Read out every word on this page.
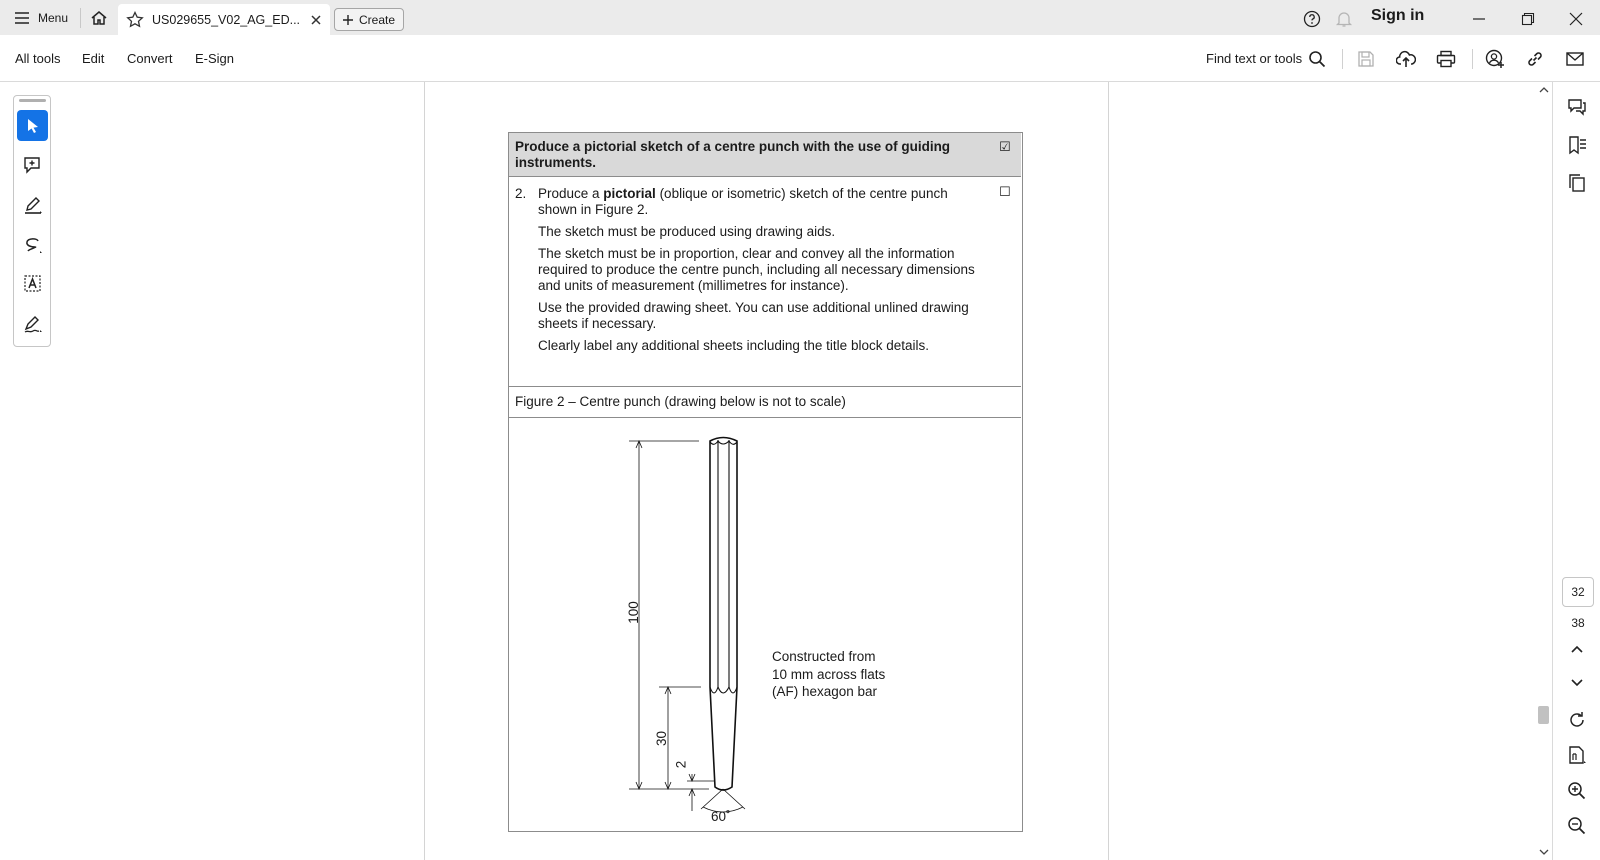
Menu	US029655_V02_AG_ED...	Create	Sign in
All tools Edit Convert E-Sign	Find text or tools
Produce a pictorial sketch of a centre punch with the use of guiding instruments.
☑
2.	☐

Produce a pictorial (oblique or isometric) sketch of the centre punch shown in Figure 2.

The sketch must be produced using drawing aids.

The sketch must be in proportion, clear and convey all the information required to produce the centre punch, including all necessary dimensions and units of measurement (millimetres for instance).

Use the provided drawing sheet. You can use additional unlined drawing sheets if necessary.

Clearly label any additional sheets including the title block details.

Figure 2 – Centre punch (drawing below is not to scale)
100
30
2
60˚
Constructed from
10 mm across flats
(AF) hexagon bar
32
38
